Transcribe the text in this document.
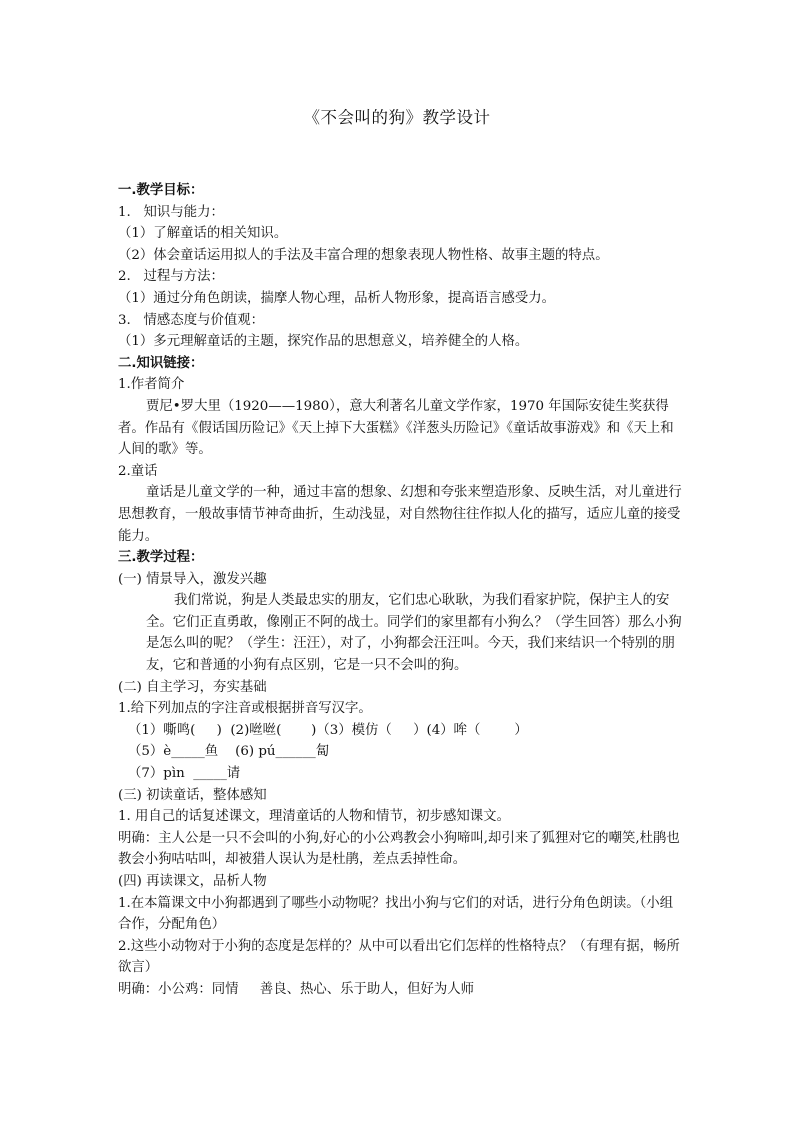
《不会叫的狗》教学设计

一.教学目标：

1.   知识与能力：

（1）了解童话的相关知识。

（2）体会童话运用拟人的手法及丰富合理的想象表现人物性格、故事主题的特点。

2.   过程与方法：

（1）通过分角色朗读，揣摩人物心理，品析人物形象，提高语言感受力。

3.   情感态度与价值观：

（1）多元理解童话的主题，探究作品的思想意义，培养健全的人格。

二.知识链接：

1.作者简介

贾尼•罗大里（1920——1980），意大利著名儿童文学作家，1970 年国际安徒生奖获得者。作品有《假话国历险记》《天上掉下大蛋糕》《洋葱头历险记》《童话故事游戏》和《天上和人间的歌》等。

2.童话

童话是儿童文学的一种，通过丰富的想象、幻想和夸张来塑造形象、反映生活，对儿童进行思想教育，一般故事情节神奇曲折，生动浅显，对自然物往往作拟人化的描写，适应儿童的接受能力。

三.教学过程：

(一) 情景导入，激发兴趣

我们常说，狗是人类最忠实的朋友，它们忠心耿耿，为我们看家护院，保护主人的安全。它们正直勇敢，像刚正不阿的战士。同学们的家里都有小狗么？（学生回答）那么小狗是怎么叫的呢？（学生：汪汪），对了，小狗都会汪汪叫。今天，我们来结识一个特别的朋友，它和普通的小狗有点区别，它是一只不会叫的狗。

(二) 自主学习，夯实基础

1.给下列加点的字注音或根据拼音写汉字。

（1）嘶鸣(     )  (2)咝咝(       )（3）模仿（     ）(4）哞（        ）

（5）è_____鱼    (6) pú______匐

（7）pìn  _____请

(三) 初读童话，整体感知

1. 用自己的话复述课文，理清童话的人物和情节，初步感知课文。

明确：主人公是一只不会叫的小狗,好心的小公鸡教会小狗啼叫,却引来了狐狸对它的嘲笑,杜鹃也教会小狗咕咕叫，却被猎人误认为是杜鹃，差点丢掉性命。

(四) 再读课文，品析人物

1.在本篇课文中小狗都遇到了哪些小动物呢？找出小狗与它们的对话，进行分角色朗读。（小组合作，分配角色）

2.这些小动物对于小狗的态度是怎样的？从中可以看出它们怎样的性格特点？（有理有据，畅所欲言）

明确：小公鸡：同情     善良、热心、乐于助人，但好为人师
